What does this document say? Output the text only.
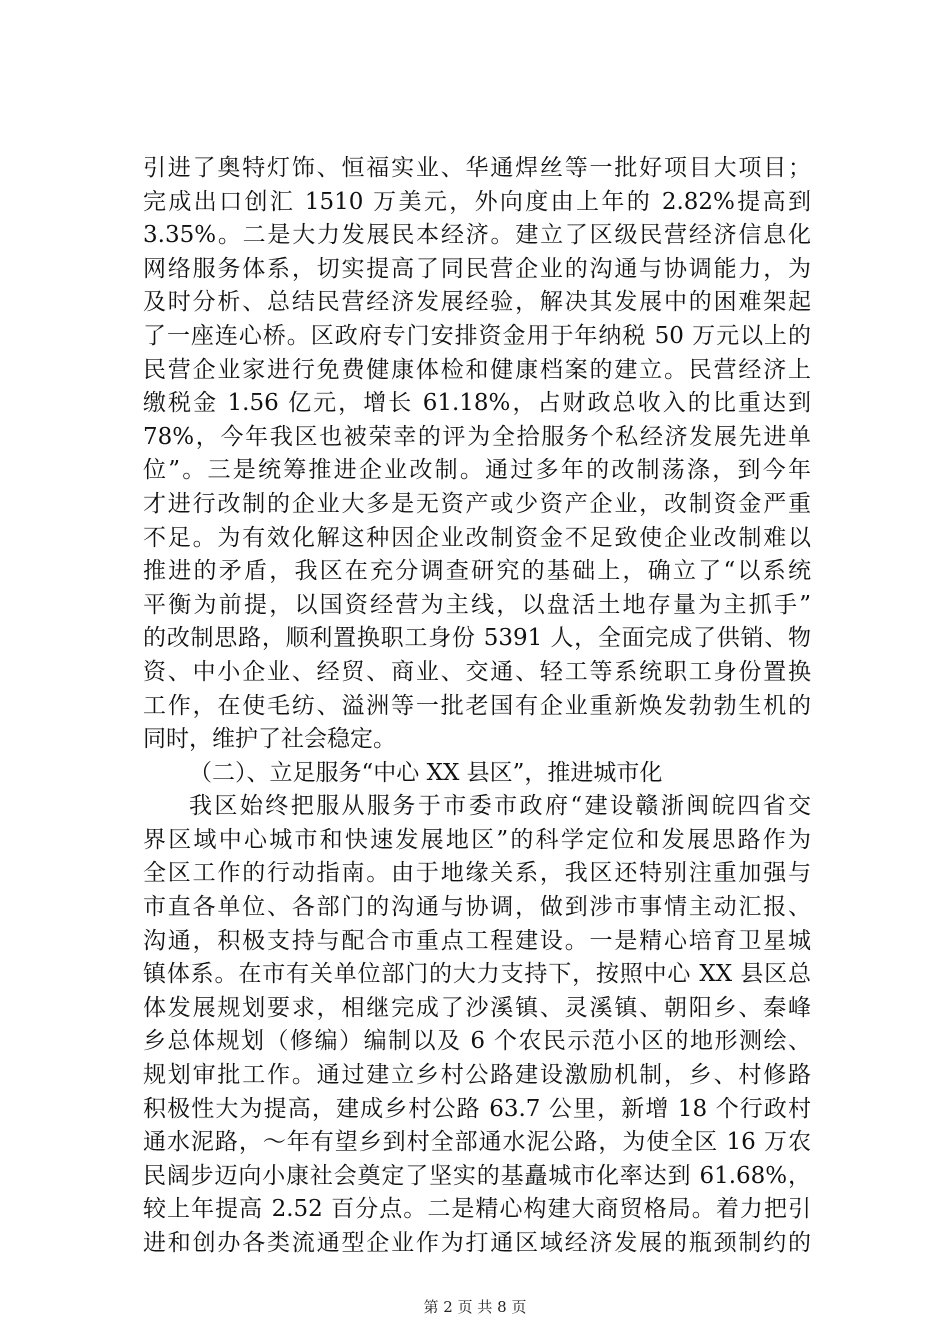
引进了奥特灯饰、恒福实业、华通焊丝等一批好项目大项目；
完成出口创汇 1510 万美元，外向度由上年的 2.82%提高到
3.35%。二是大力发展民本经济。建立了区级民营经济信息化
网络服务体系，切实提高了同民营企业的沟通与协调能力，为
及时分析、总结民营经济发展经验，解决其发展中的困难架起
了一座连心桥。区政府专门安排资金用于年纳税 50 万元以上的
民营企业家进行免费健康体检和健康档案的建立。民营经济上
缴税金 1.56 亿元，增长 61.18%，占财政总收入的比重达到
78%，今年我区也被荣幸的评为全拾服务个私经济发展先进单
位”。三是统筹推进企业改制。通过多年的改制荡涤，到今年
才进行改制的企业大多是无资产或少资产企业，改制资金严重
不足。为有效化解这种因企业改制资金不足致使企业改制难以
推进的矛盾，我区在充分调查研究的基础上，确立了“以系统
平衡为前提，以国资经营为主线，以盘活土地存量为主抓手”
的改制思路，顺利置换职工身份 5391 人，全面完成了供销、物
资、中小企业、经贸、商业、交通、轻工等系统职工身份置换
工作，在使毛纺、溢洲等一批老国有企业重新焕发勃勃生机的
同时，维护了社会稳定。
（二）、立足服务“中心 XX 县区”，推进城市化
我区始终把服从服务于市委市政府“建设赣浙闽皖四省交
界区域中心城市和快速发展地区”的科学定位和发展思路作为
全区工作的行动指南。由于地缘关系，我区还特别注重加强与
市直各单位、各部门的沟通与协调，做到涉市事情主动汇报、
沟通，积极支持与配合市重点工程建设。一是精心培育卫星城
镇体系。在市有关单位部门的大力支持下，按照中心 XX 县区总
体发展规划要求，相继完成了沙溪镇、灵溪镇、朝阳乡、秦峰
乡总体规划（修编）编制以及 6 个农民示范小区的地形测绘、
规划审批工作。通过建立乡村公路建设激励机制，乡、村修路
积极性大为提高，建成乡村公路 63.7 公里，新增 18 个行政村
通水泥路，～年有望乡到村全部通水泥公路，为使全区 16 万农
民阔步迈向小康社会奠定了坚实的基矗城市化率达到 61.68%，
较上年提高 2.52 百分点。二是精心构建大商贸格局。着力把引
进和创办各类流通型企业作为打通区域经济发展的瓶颈制约的
第 2 页 共 8 页
